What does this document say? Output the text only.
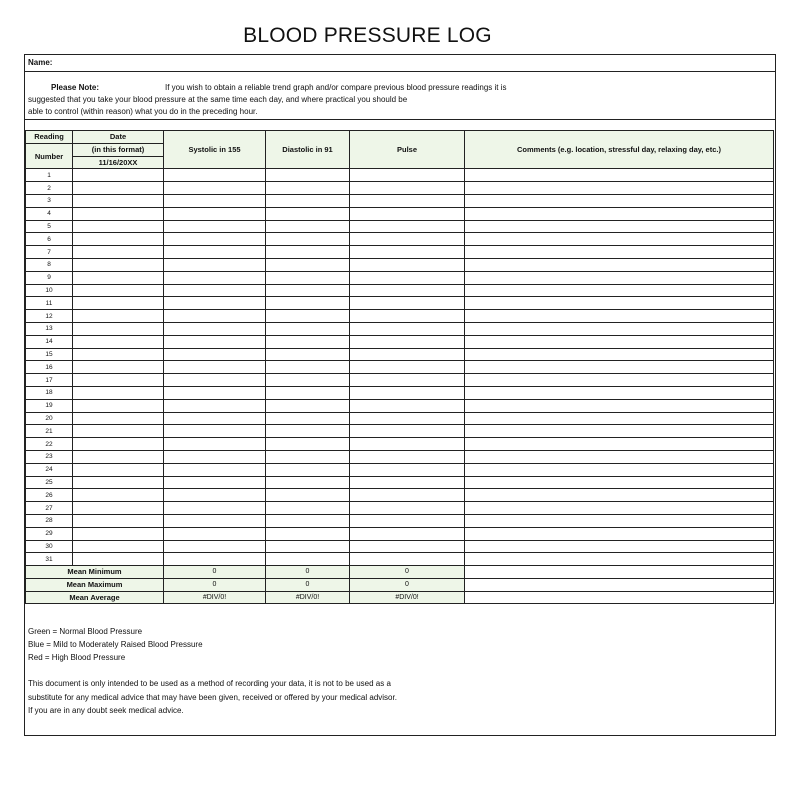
BLOOD PRESSURE LOG
Name:
Please Note:	If you wish to obtain a reliable trend graph and/or compare previous blood pressure readings it is
suggested that you take your blood pressure at the same time each day, and where practical you should be
able to control (within reason) what you do in the preceding hour.
Reading	Date	Systolic in 155	Diastolic in 91	Pulse	Comments (e.g. location, stressful day, relaxing day, etc.)
Number	(in this format)				
	11/16/20XX				
1					
2					
3					
4					
5					
6					
7					
8					
9					
10					
11					
12					
13					
14					
15					
16					
17					
18					
19					
20					
21					
22					
23					
24					
25					
26					
27					
28					
29					
30					
31					
Mean Minimum		0	0	0	
Mean Maximum		0	0	0	
Mean Average		#DIV/0!	#DIV/0!	#DIV/0!	
Green = Normal Blood Pressure
Blue = Mild to Moderately Raised Blood Pressure
Red = High Blood Pressure
This document is only intended to be used as a method of recording your data, it is not to be used as a
substitute for any medical advice that may have been given, received or offered by your medical advisor.
If you are in any doubt seek medical advice.
